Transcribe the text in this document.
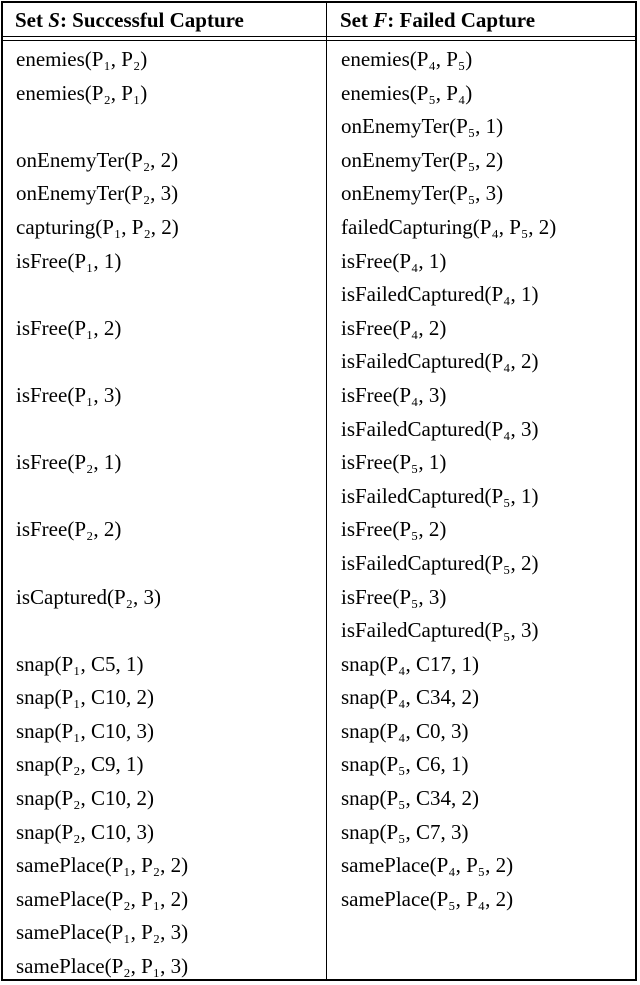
Set S: Successful Capture	Set F: Failed Capture
enemies(P₁, P₂)
enemies(P₂, P₁)
onEnemyTer(P₂, 2)
onEnemyTer(P₂, 3)
capturing(P₁, P₂, 2)
isFree(P₁, 1)
isFree(P₁, 2)
isFree(P₁, 3)
isFree(P₂, 1)
isFree(P₂, 2)
isCaptured(P₂, 3)
snap(P₁, C5, 1)
snap(P₁, C10, 2)
snap(P₁, C10, 3)
snap(P₂, C9, 1)
snap(P₂, C10, 2)
snap(P₂, C10, 3)
samePlace(P₁, P₂, 2)
samePlace(P₂, P₁, 2)
samePlace(P₁, P₂, 3)
samePlace(P₂, P₁, 3)
enemies(P₄, P₅)
enemies(P₅, P₄)
onEnemyTer(P₅, 1)
onEnemyTer(P₅, 2)
onEnemyTer(P₅, 3)
failedCapturing(P₄, P₅, 2)
isFree(P₄, 1)
isFailedCaptured(P₄, 1)
isFree(P₄, 2)
isFailedCaptured(P₄, 2)
isFree(P₄, 3)
isFailedCaptured(P₄, 3)
isFree(P₅, 1)
isFailedCaptured(P₅, 1)
isFree(P₅, 2)
isFailedCaptured(P₅, 2)
isFree(P₅, 3)
isFailedCaptured(P₅, 3)
snap(P₄, C17, 1)
snap(P₄, C34, 2)
snap(P₄, C0, 3)
snap(P₅, C6, 1)
snap(P₅, C34, 2)
snap(P₅, C7, 3)
samePlace(P₄, P₅, 2)
samePlace(P₅, P₄, 2)
